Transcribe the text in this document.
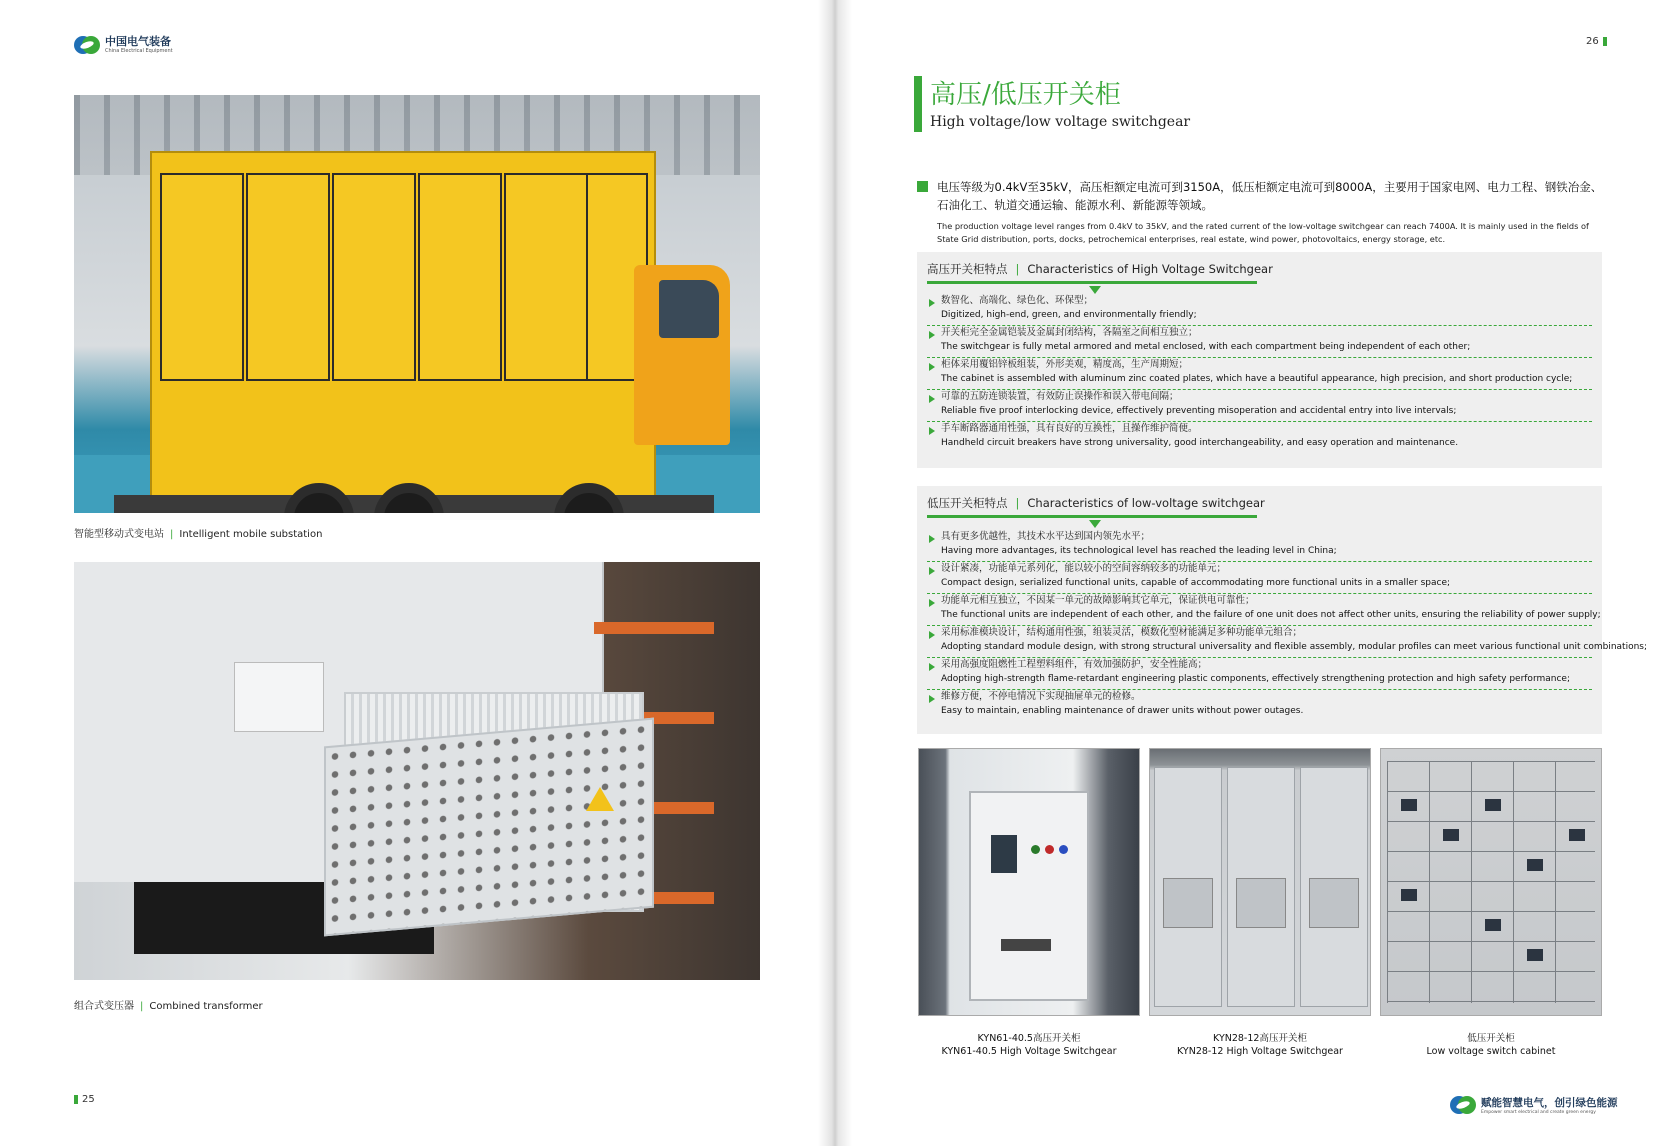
中国电气装备
China Electrical Equipment
智能型移动式变电站 | Intelligent mobile substation
组合式变压器 | Combined transformer
25
26
高压/低压开关柜
High voltage/low voltage switchgear

电压等级为0.4kV至35kV，高压柜额定电流可到3150A，低压柜额定电流可到8000A，主要用于国家电网、电力工程、钢铁冶金、石油化工、轨道交通运输、能源水利、新能源等领域。

The production voltage level ranges from 0.4kV to 35kV, and the rated current of the low-voltage switchgear can reach 7400A. It is mainly used in the fields of State Grid distribution, ports, docks, petrochemical enterprises, real estate, wind power, photovoltaics, energy storage, etc.

高压开关柜特点 | Characteristics of High Voltage Switchgear
数智化、高端化、绿色化、环保型；
Digitized, high-end, green, and environmentally friendly;
开关柜完全金属铠装及金属封闭结构，各隔室之间相互独立；
The switchgear is fully metal armored and metal enclosed, with each compartment being independent of each other;
柜体采用覆铝锌板组装，外形美观，精度高，生产周期短；
The cabinet is assembled with aluminum zinc coated plates, which have a beautiful appearance, high precision, and short production cycle;
可靠的五防连锁装置，有效防止误操作和误入带电间隔；
Reliable five proof interlocking device, effectively preventing misoperation and accidental entry into live intervals;
手车断路器通用性强，具有良好的互换性，且操作维护简便。
Handheld circuit breakers have strong universality, good interchangeability, and easy operation and maintenance.
低压开关柜特点 | Characteristics of low-voltage switchgear
具有更多优越性，其技术水平达到国内领先水平；
Having more advantages, its technological level has reached the leading level in China;
设计紧凑，功能单元系列化，能以较小的空间容纳较多的功能单元；
Compact design, serialized functional units, capable of accommodating more functional units in a smaller space;
功能单元相互独立，不因某一单元的故障影响其它单元，保证供电可靠性；
The functional units are independent of each other, and the failure of one unit does not affect other units, ensuring the reliability of power supply;
采用标准模块设计，结构通用性强，组装灵活，模数化型材能满足多种功能单元组合；
Adopting standard module design, with strong structural universality and flexible assembly, modular profiles can meet various functional unit combinations;
采用高强度阻燃性工程塑料组件，有效加强防护，安全性能高；
Adopting high-strength flame-retardant engineering plastic components, effectively strengthening protection and high safety performance;
维修方便，不停电情况下实现抽屉单元的检修。
Easy to maintain, enabling maintenance of drawer units without power outages.
KYN61-40.5高压开关柜
KYN61-40.5 High Voltage Switchgear
KYN28-12高压开关柜
KYN28-12 High Voltage Switchgear
低压开关柜
Low voltage switch cabinet
赋能智慧电气，创引绿色能源
Empower smart electrical and create green energy
